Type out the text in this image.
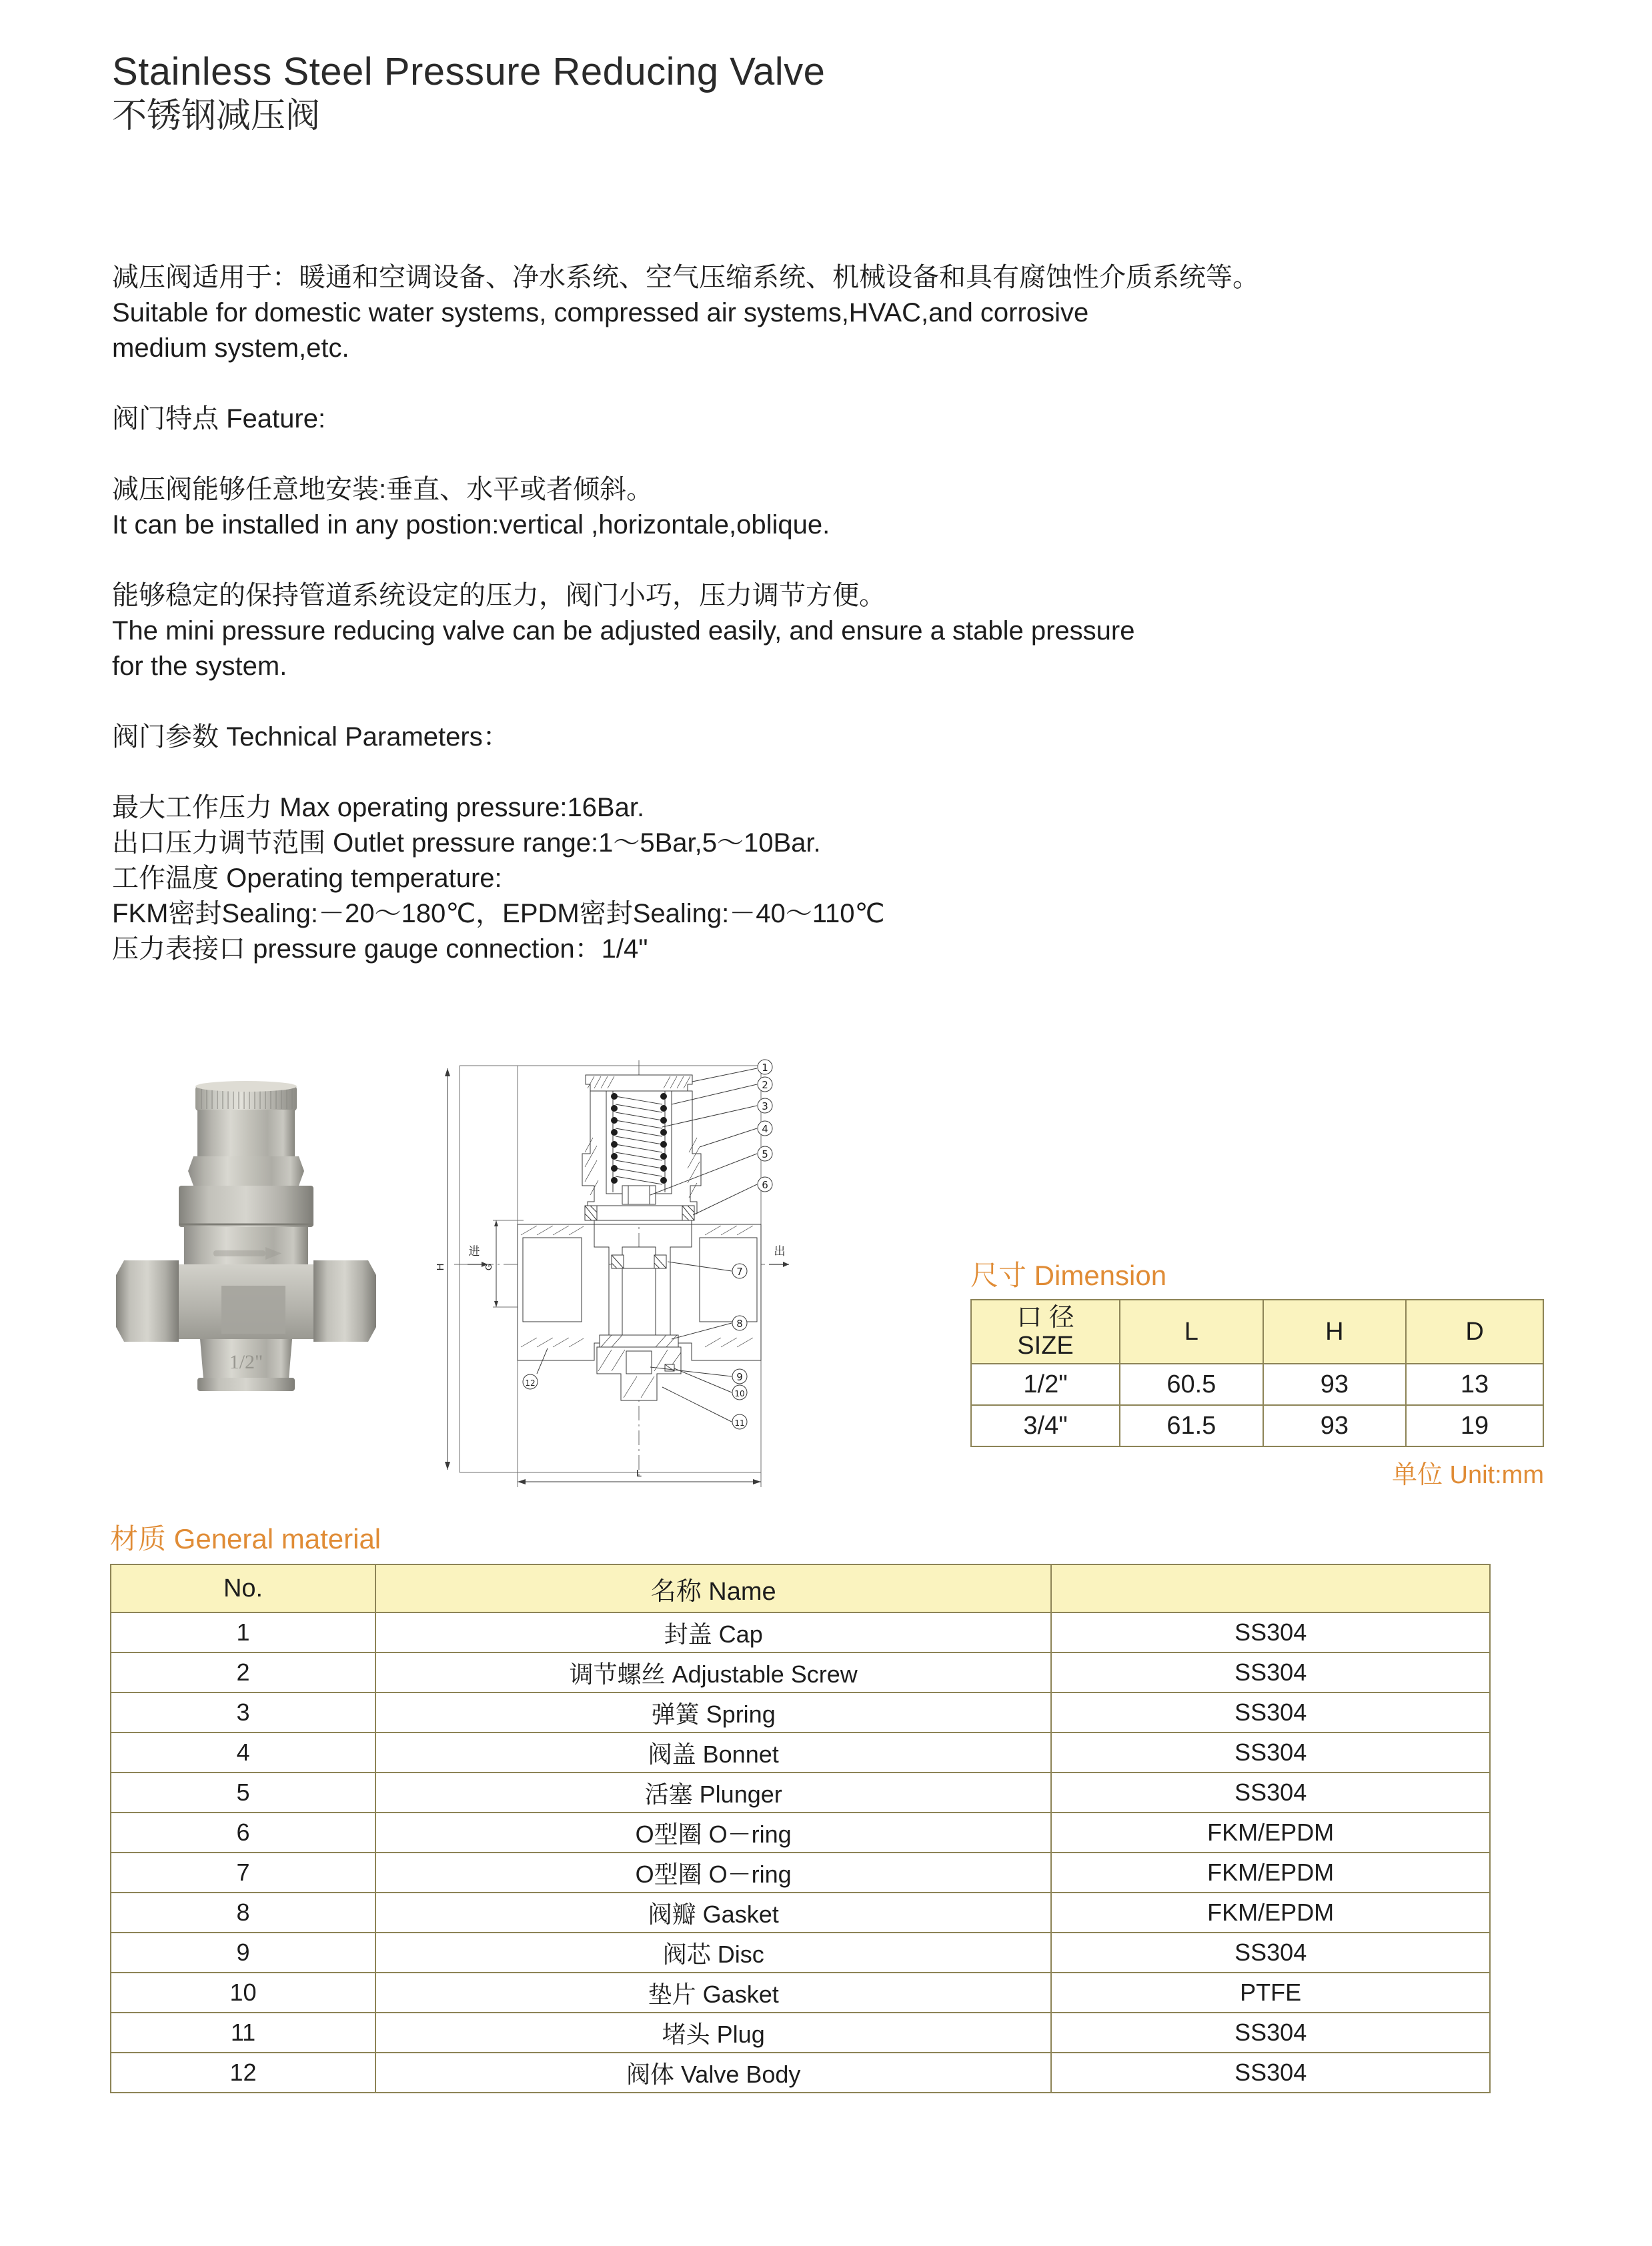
Stainless Steel Pressure Reducing Valve
不锈钢减压阀
减压阀适用于：暖通和空调设备、净水系统、空气压缩系统、机械设备和具有腐蚀性介质系统等。
Suitable for domestic water systems, compressed air systems,HVAC,and corrosive
medium system,etc.
阀门特点 Feature:
减压阀能够任意地安装:垂直、水平或者倾斜。
It can be installed in any postion:vertical ,horizontale,oblique.
能够稳定的保持管道系统设定的压力，阀门小巧，压力调节方便。
The mini pressure reducing valve can be adjusted easily, and ensure a stable pressure
for the system.
阀门参数 Technical Parameters：
最大工作压力 Max operating pressure:16Bar.
出口压力调节范围 Outlet pressure range:1～5Bar,5～10Bar.
工作温度 Operating temperature:
FKM密封Sealing:－20～180℃，EPDM密封Sealing:－40～110℃
压力表接口 pressure gauge connection：1/4"
1/2"
1
2
3
4
5
6
7
8
9
10
11
12
H
L
G
进	出
尺寸 Dimension
口 径
SIZE	L	H	D
1/2"	60.5	93	13
3/4"	61.5	93	19
单位 Unit:mm
材质 General material
No.	名称 Name	
1	封盖 Cap	SS304
2	调节螺丝 Adjustable Screw	SS304
3	弹簧 Spring	SS304
4	阀盖 Bonnet	SS304
5	活塞 Plunger	SS304
6	O型圈 O－ring	FKM/EPDM
7	O型圈 O－ring	FKM/EPDM
8	阀瓣 Gasket	FKM/EPDM
9	阀芯 Disc	SS304
10	垫片 Gasket	PTFE
11	堵头 Plug	SS304
12	阀体 Valve Body	SS304
